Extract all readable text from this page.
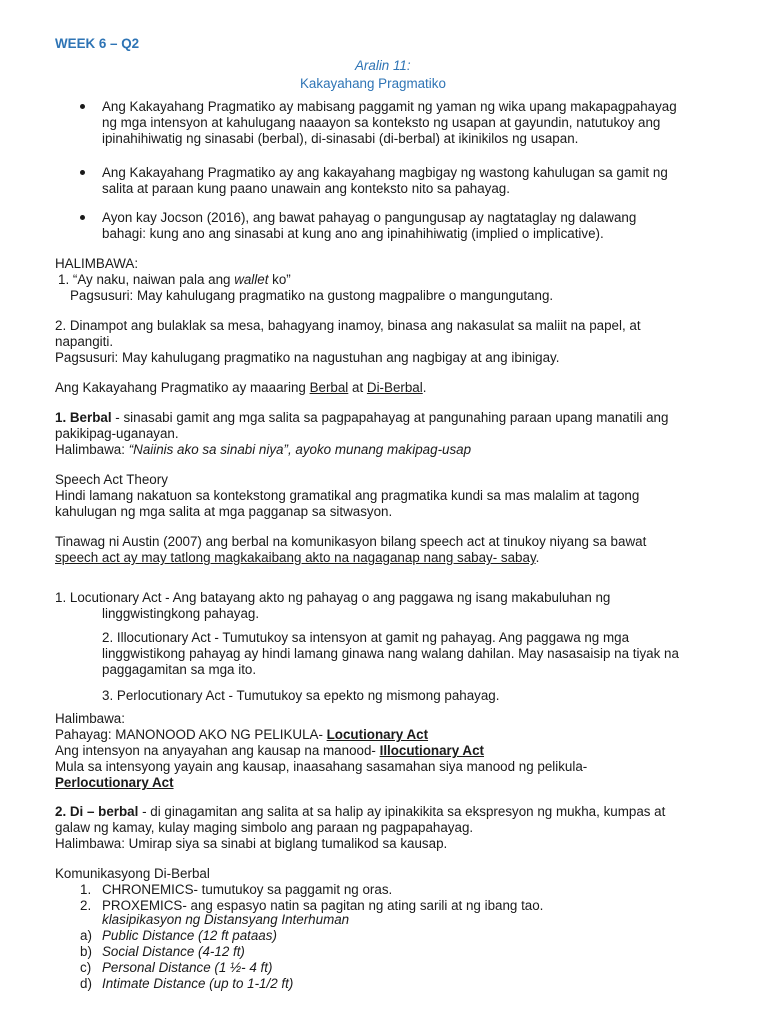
WEEK 6 – Q2
Aralin 11:
Kakayahang Pragmatiko
Ang Kakayahang Pragmatiko ay mabisang paggamit ng yaman ng wika upang makapagpahayag
ng mga intensyon at kahulugang naaayon sa konteksto ng usapan at gayundin, natutukoy ang
ipinahihiwatig ng sinasabi (berbal), di-sinasabi (di-berbal) at ikinikilos ng usapan.
Ang Kakayahang Pragmatiko ay ang kakayahang magbigay ng wastong kahulugan sa gamit ng
salita at paraan kung paano unawain ang konteksto nito sa pahayag.
Ayon kay Jocson (2016), ang bawat pahayag o pangungusap ay nagtataglay ng dalawang
bahagi: kung ano ang sinasabi at kung ano ang ipinahihiwatig (implied o implicative).
HALIMBAWA:
1. “Ay naku, naiwan pala ang wallet ko”
Pagsusuri: May kahulugang pragmatiko na gustong magpalibre o mangungutang.
2. Dinampot ang bulaklak sa mesa, bahagyang inamoy, binasa ang nakasulat sa maliit na papel, at
napangiti.
Pagsusuri: May kahulugang pragmatiko na nagustuhan ang nagbigay at ang ibinigay.
Ang Kakayahang Pragmatiko ay maaaring Berbal at Di-Berbal.
1. Berbal - sinasabi gamit ang mga salita sa pagpapahayag at pangunahing paraan upang manatili ang
pakikipag-uganayan.
Halimbawa: “Naiinis ako sa sinabi niya”, ayoko munang makipag-usap
Speech Act Theory
Hindi lamang nakatuon sa kontekstong gramatikal ang pragmatika kundi sa mas malalim at tagong
kahulugan ng mga salita at mga pagganap sa sitwasyon.
Tinawag ni Austin (2007) ang berbal na komunikasyon bilang speech act at tinukoy niyang sa bawat
speech act ay may tatlong magkakaibang akto na nagaganap nang sabay- sabay.
1. Locutionary Act - Ang batayang akto ng pahayag o ang paggawa ng isang makabuluhan ng
linggwistingkong pahayag.
2. Illocutionary Act - Tumutukoy sa intensyon at gamit ng pahayag. Ang paggawa ng mga
linggwistikong pahayag ay hindi lamang ginawa nang walang dahilan. May nasasaisip na tiyak na
paggagamitan sa mga ito.
3. Perlocutionary Act - Tumutukoy sa epekto ng mismong pahayag.
Halimbawa:
Pahayag: MANONOOD AKO NG PELIKULA- Locutionary Act
Ang intensyon na anyayahan ang kausap na manood- Illocutionary Act
Mula sa intensyong yayain ang kausap, inaasahang sasamahan siya manood ng pelikula-
Perlocutionary Act
2. Di – berbal - di ginagamitan ang salita at sa halip ay ipinakikita sa ekspresyon ng mukha, kumpas at
galaw ng kamay, kulay maging simbolo ang paraan ng pagpapahayag.
Halimbawa: Umirap siya sa sinabi at biglang tumalikod sa kausap.
Komunikasyong Di-Berbal
1. CHRONEMICS- tumutukoy sa paggamit ng oras.
2. PROXEMICS- ang espasyo natin sa pagitan ng ating sarili at ng ibang tao.
klasipikasyon ng Distansyang Interhuman
a) Public Distance (12 ft pataas)
b) Social Distance (4-12 ft)
c) Personal Distance (1 ½- 4 ft)
d) Intimate Distance (up to 1-1/2 ft)
